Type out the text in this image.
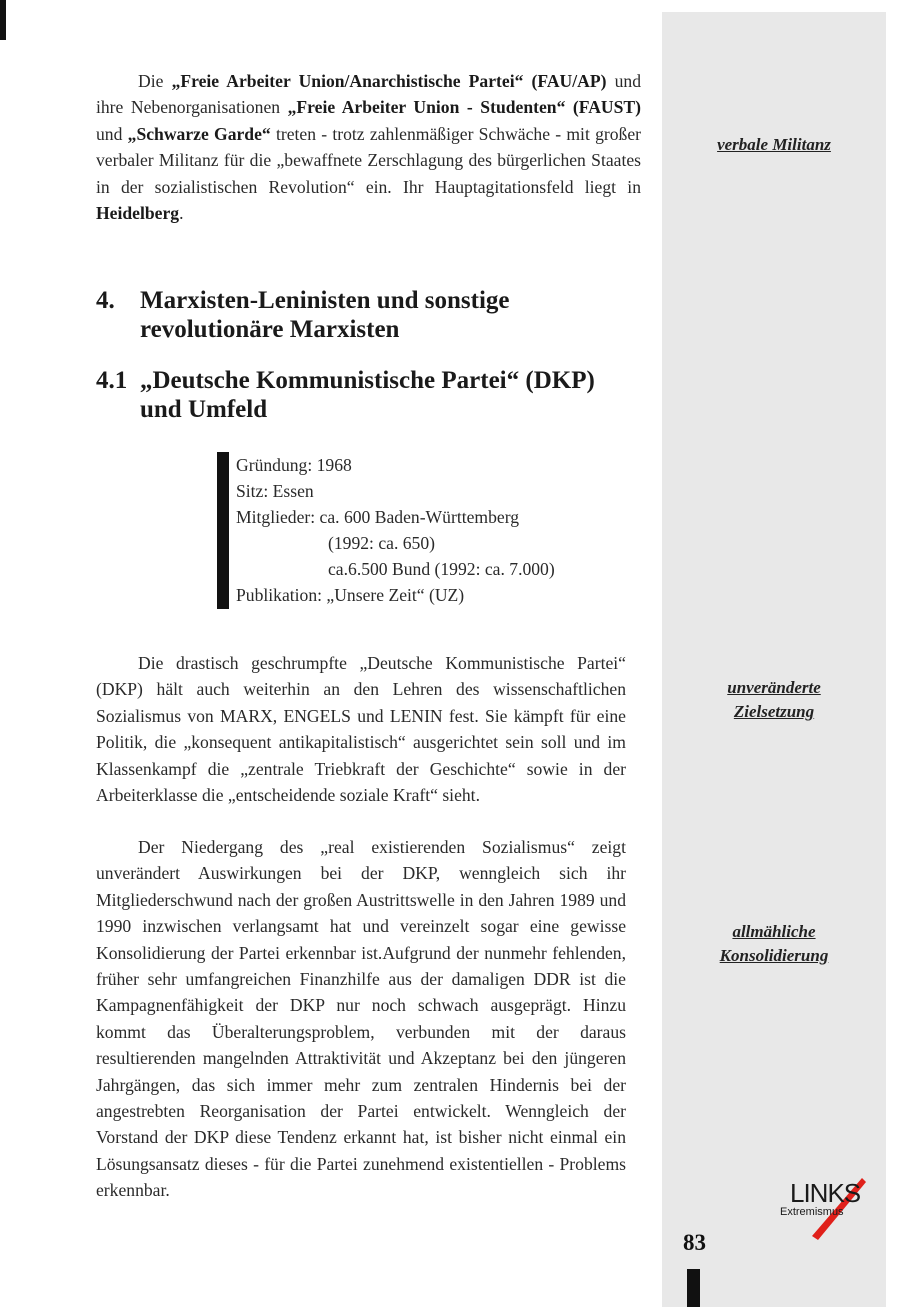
Die „Freie Arbeiter Union/Anarchistische Partei“ (FAU/AP) und ihre Nebenorganisationen „Freie Arbeiter Union - Studenten“ (FAUST) und „Schwarze Garde“ treten - trotz zahlenmäßiger Schwäche - mit großer verbaler Militanz für die „bewaffnete Zerschlagung des bürgerlichen Staates in der sozialistischen Revolution“ ein. Ihr Hauptagitationsfeld liegt in Heidelberg.

4.	Marxisten-Leninisten und sonstige
revolutionäre Marxisten
4.1 „Deutsche Kommunistische Partei“ (DKP)
und Umfeld
Gründung: 1968
Sitz: Essen
Mitglieder: ca. 600 Baden-Württemberg
(1992: ca. 650)
ca.6.500 Bund (1992: ca. 7.000)
Publikation: „Unsere Zeit“ (UZ)

Die drastisch geschrumpfte „Deutsche Kommunistische Partei“ (DKP) hält auch weiterhin an den Lehren des wissenschaftlichen Sozialismus von MARX, ENGELS und LENIN fest. Sie kämpft für eine Politik, die „konsequent antikapitalistisch“ ausgerichtet sein soll und im Klassenkampf die „zentrale Triebkraft der Geschichte“ sowie in der Arbeiterklasse die „entscheidende soziale Kraft“ sieht.

Der Niedergang des „real existierenden Sozialismus“ zeigt unverändert Auswirkungen bei der DKP, wenngleich sich ihr Mitgliederschwund nach der großen Austrittswelle in den Jahren 1989 und 1990 inzwischen verlangsamt hat und vereinzelt sogar eine gewisse Konsolidierung der Partei erkennbar ist.Aufgrund der nunmehr fehlenden, früher sehr umfangreichen Finanzhilfe aus der damaligen DDR ist die Kampagnenfähigkeit der DKP nur noch schwach ausgeprägt. Hinzu kommt das Überalterungsproblem, verbunden mit der daraus resultierenden mangelnden Attraktivität und Akzeptanz bei den jüngeren Jahrgängen, das sich immer mehr zum zentralen Hindernis bei der angestrebten Reorganisation der Partei entwickelt. Wenngleich der Vorstand der DKP diese Tendenz erkannt hat, ist bisher nicht einmal ein Lösungsansatz dieses - für die Partei zunehmend existentiellen - Problems erkennbar.

verbale Militanz
unveränderte
Zielsetzung
allmähliche
Konsolidierung
LINKS
Extremismus
83
